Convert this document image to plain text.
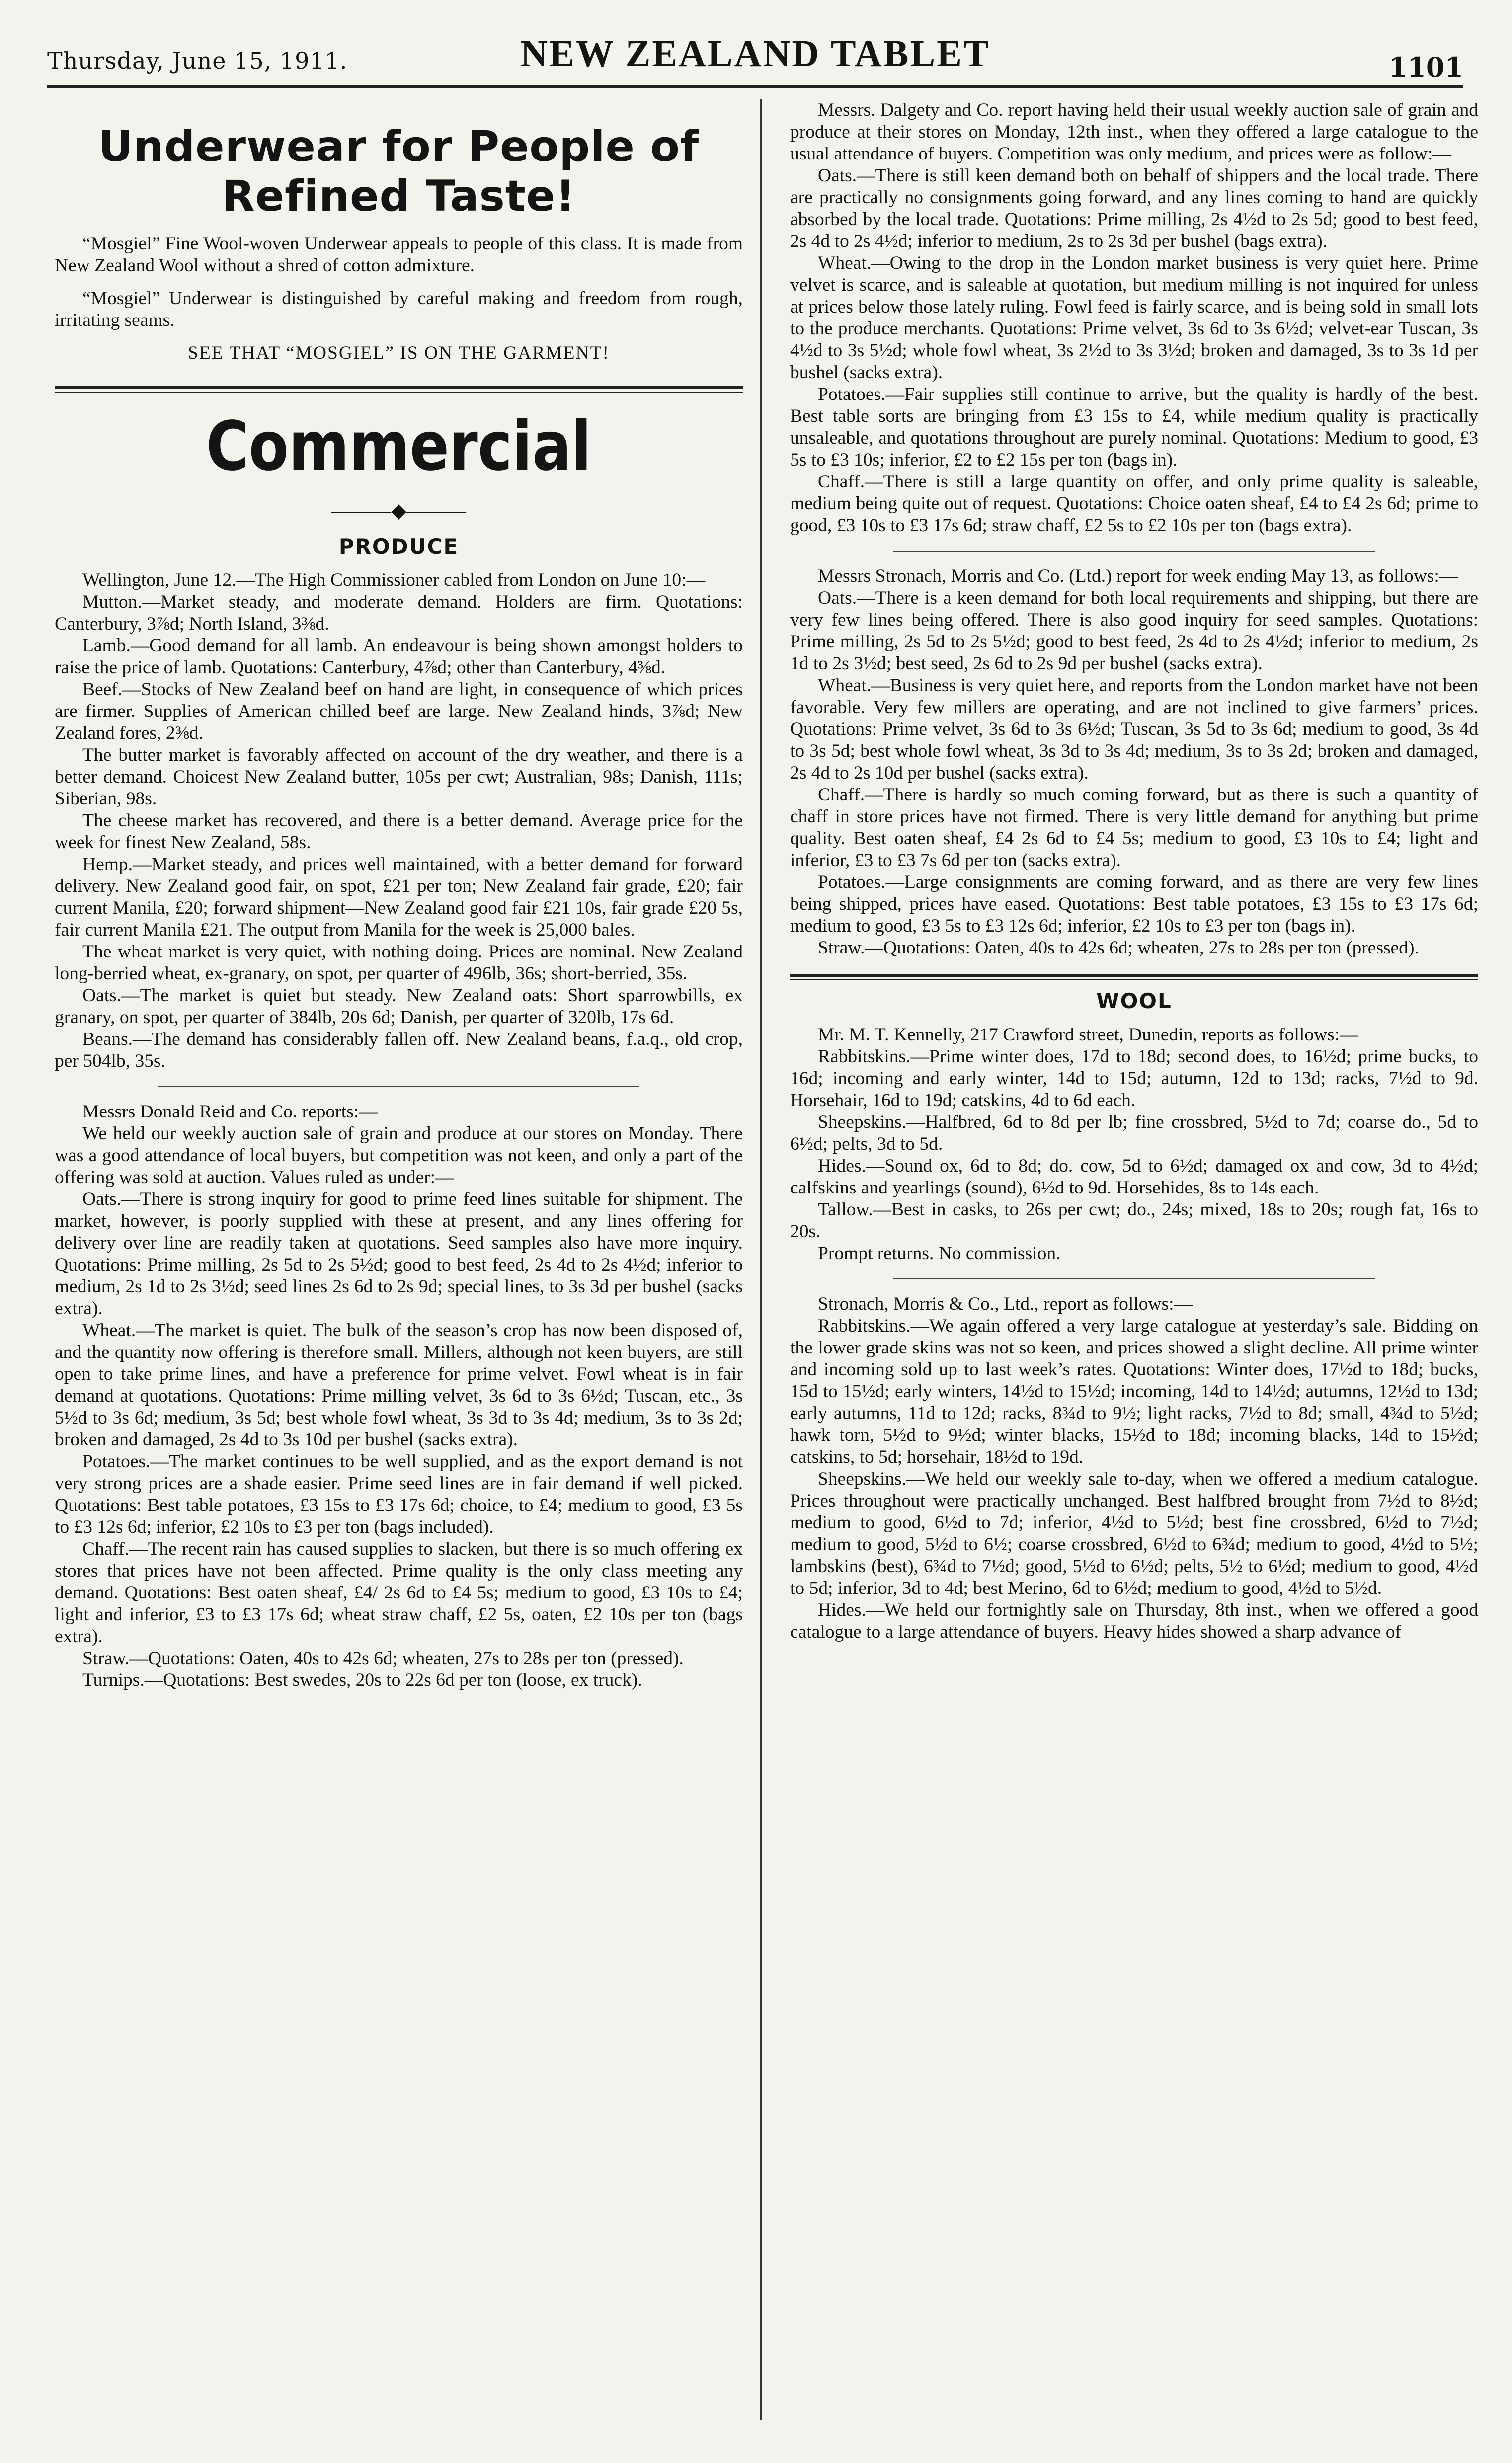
Thursday, June 15, 1911.	NEW ZEALAND TABLET	1101
Underwear for People of Refined Taste!

“Mosgiel” Fine Wool-woven Underwear appeals to people of this class. It is made from New Zealand Wool without a shred of cotton admixture.

“Mosgiel” Underwear is distinguished by careful making and freedom from rough, irritating seams.

SEE THAT “MOSGIEL” IS ON THE GARMENT!

Commercial
———◆———
PRODUCE

Wellington, June 12.—The High Commissioner cabled from London on June 10:—

Mutton.—Market steady, and moderate demand. Holders are firm. Quotations: Canterbury, 3⅞d; North Island, 3⅜d.

Lamb.—Good demand for all lamb. An endeavour is being shown amongst holders to raise the price of lamb. Quotations: Canterbury, 4⅞d; other than Canterbury, 4⅜d.

Beef.—Stocks of New Zealand beef on hand are light, in consequence of which prices are firmer. Supplies of American chilled beef are large. New Zealand hinds, 3⅞d; New Zealand fores, 2⅜d.

The butter market is favorably affected on account of the dry weather, and there is a better demand. Choicest New Zealand butter, 105s per cwt; Australian, 98s; Danish, 111s; Siberian, 98s.

The cheese market has recovered, and there is a better demand. Average price for the week for finest New Zealand, 58s.

Hemp.—Market steady, and prices well maintained, with a better demand for forward delivery. New Zealand good fair, on spot, £21 per ton; New Zealand fair grade, £20; fair current Manila, £20; forward shipment—New Zealand good fair £21 10s, fair grade £20 5s, fair current Manila £21. The output from Manila for the week is 25,000 bales.

The wheat market is very quiet, with nothing doing. Prices are nominal. New Zealand long-berried wheat, ex-granary, on spot, per quarter of 496lb, 36s; short-berried, 35s.

Oats.—The market is quiet but steady. New Zealand oats: Short sparrowbills, ex granary, on spot, per quarter of 384lb, 20s 6d; Danish, per quarter of 320lb, 17s 6d.

Beans.—The demand has considerably fallen off. New Zealand beans, f.a.q., old crop, per 504lb, 35s.

Messrs Donald Reid and Co. reports:—

We held our weekly auction sale of grain and produce at our stores on Monday. There was a good attendance of local buyers, but competition was not keen, and only a part of the offering was sold at auction. Values ruled as under:—

Oats.—There is strong inquiry for good to prime feed lines suitable for shipment. The market, however, is poorly supplied with these at present, and any lines offering for delivery over line are readily taken at quotations. Seed samples also have more inquiry. Quotations: Prime milling, 2s 5d to 2s 5½d; good to best feed, 2s 4d to 2s 4½d; inferior to medium, 2s 1d to 2s 3½d; seed lines 2s 6d to 2s 9d; special lines, to 3s 3d per bushel (sacks extra).

Wheat.—The market is quiet. The bulk of the season’s crop has now been disposed of, and the quantity now offering is therefore small. Millers, although not keen buyers, are still open to take prime lines, and have a preference for prime velvet. Fowl wheat is in fair demand at quotations. Quotations: Prime milling velvet, 3s 6d to 3s 6½d; Tuscan, etc., 3s 5½d to 3s 6d; medium, 3s 5d; best whole fowl wheat, 3s 3d to 3s 4d; medium, 3s to 3s 2d; broken and damaged, 2s 4d to 3s 10d per bushel (sacks extra).

Potatoes.—The market continues to be well supplied, and as the export demand is not very strong prices are a shade easier. Prime seed lines are in fair demand if well picked. Quotations: Best table potatoes, £3 15s to £3 17s 6d; choice, to £4; medium to good, £3 5s to £3 12s 6d; inferior, £2 10s to £3 per ton (bags included).

Chaff.—The recent rain has caused supplies to slacken, but there is so much offering ex stores that prices have not been affected. Prime quality is the only class meeting any demand. Quotations: Best oaten sheaf, £4/ 2s 6d to £4 5s; medium to good, £3 10s to £4; light and inferior, £3 to £3 17s 6d; wheat straw chaff, £2 5s, oaten, £2 10s per ton (bags extra).

Straw.—Quotations: Oaten, 40s to 42s 6d; wheaten, 27s to 28s per ton (pressed).

Turnips.—Quotations: Best swedes, 20s to 22s 6d per ton (loose, ex truck).

Messrs. Dalgety and Co. report having held their usual weekly auction sale of grain and produce at their stores on Monday, 12th inst., when they offered a large catalogue to the usual attendance of buyers. Competition was only medium, and prices were as follow:—

Oats.—There is still keen demand both on behalf of shippers and the local trade. There are practically no consignments going forward, and any lines coming to hand are quickly absorbed by the local trade. Quotations: Prime milling, 2s 4½d to 2s 5d; good to best feed, 2s 4d to 2s 4½d; inferior to medium, 2s to 2s 3d per bushel (bags extra).

Wheat.—Owing to the drop in the London market business is very quiet here. Prime velvet is scarce, and is saleable at quotation, but medium milling is not inquired for unless at prices below those lately ruling. Fowl feed is fairly scarce, and is being sold in small lots to the produce merchants. Quotations: Prime velvet, 3s 6d to 3s 6½d; velvet-ear Tuscan, 3s 4½d to 3s 5½d; whole fowl wheat, 3s 2½d to 3s 3½d; broken and damaged, 3s to 3s 1d per bushel (sacks extra).

Potatoes.—Fair supplies still continue to arrive, but the quality is hardly of the best. Best table sorts are bringing from £3 15s to £4, while medium quality is practically unsaleable, and quotations throughout are purely nominal. Quotations: Medium to good, £3 5s to £3 10s; inferior, £2 to £2 15s per ton (bags in).

Chaff.—There is still a large quantity on offer, and only prime quality is saleable, medium being quite out of request. Quotations: Choice oaten sheaf, £4 to £4 2s 6d; prime to good, £3 10s to £3 17s 6d; straw chaff, £2 5s to £2 10s per ton (bags extra).

Messrs Stronach, Morris and Co. (Ltd.) report for week ending May 13, as follows:—

Oats.—There is a keen demand for both local requirements and shipping, but there are very few lines being offered. There is also good inquiry for seed samples. Quotations: Prime milling, 2s 5d to 2s 5½d; good to best feed, 2s 4d to 2s 4½d; inferior to medium, 2s 1d to 2s 3½d; best seed, 2s 6d to 2s 9d per bushel (sacks extra).

Wheat.—Business is very quiet here, and reports from the London market have not been favorable. Very few millers are operating, and are not inclined to give farmers’ prices. Quotations: Prime velvet, 3s 6d to 3s 6½d; Tuscan, 3s 5d to 3s 6d; medium to good, 3s 4d to 3s 5d; best whole fowl wheat, 3s 3d to 3s 4d; medium, 3s to 3s 2d; broken and damaged, 2s 4d to 2s 10d per bushel (sacks extra).

Chaff.—There is hardly so much coming forward, but as there is such a quantity of chaff in store prices have not firmed. There is very little demand for anything but prime quality. Best oaten sheaf, £4 2s 6d to £4 5s; medium to good, £3 10s to £4; light and inferior, £3 to £3 7s 6d per ton (sacks extra).

Potatoes.—Large consignments are coming forward, and as there are very few lines being shipped, prices have eased. Quotations: Best table potatoes, £3 15s to £3 17s 6d; medium to good, £3 5s to £3 12s 6d; inferior, £2 10s to £3 per ton (bags in).

Straw.—Quotations: Oaten, 40s to 42s 6d; wheaten, 27s to 28s per ton (pressed).

WOOL

Mr. M. T. Kennelly, 217 Crawford street, Dunedin, reports as follows:—

Rabbitskins.—Prime winter does, 17d to 18d; second does, to 16½d; prime bucks, to 16d; incoming and early winter, 14d to 15d; autumn, 12d to 13d; racks, 7½d to 9d. Horsehair, 16d to 19d; catskins, 4d to 6d each.

Sheepskins.—Halfbred, 6d to 8d per lb; fine crossbred, 5½d to 7d; coarse do., 5d to 6½d; pelts, 3d to 5d.

Hides.—Sound ox, 6d to 8d; do. cow, 5d to 6½d; damaged ox and cow, 3d to 4½d; calfskins and yearlings (sound), 6½d to 9d. Horsehides, 8s to 14s each.

Tallow.—Best in casks, to 26s per cwt; do., 24s; mixed, 18s to 20s; rough fat, 16s to 20s.

Prompt returns. No commission.

Stronach, Morris & Co., Ltd., report as follows:—

Rabbitskins.—We again offered a very large catalogue at yesterday’s sale. Bidding on the lower grade skins was not so keen, and prices showed a slight decline. All prime winter and incoming sold up to last week’s rates. Quotations: Winter does, 17½d to 18d; bucks, 15d to 15½d; early winters, 14½d to 15½d; incoming, 14d to 14½d; autumns, 12½d to 13d; early autumns, 11d to 12d; racks, 8¾d to 9½; light racks, 7½d to 8d; small, 4¾d to 5½d; hawk torn, 5½d to 9½d; winter blacks, 15½d to 18d; incoming blacks, 14d to 15½d; catskins, to 5d; horsehair, 18½d to 19d.

Sheepskins.—We held our weekly sale to-day, when we offered a medium catalogue. Prices throughout were practically unchanged. Best halfbred brought from 7½d to 8½d; medium to good, 6½d to 7d; inferior, 4½d to 5½d; best fine crossbred, 6½d to 7½d; medium to good, 5½d to 6½; coarse crossbred, 6½d to 6¾d; medium to good, 4½d to 5½; lambskins (best), 6¾d to 7½d; good, 5½d to 6½d; pelts, 5½ to 6½d; medium to good, 4½d to 5d; inferior, 3d to 4d; best Merino, 6d to 6½d; medium to good, 4½d to 5½d.

Hides.—We held our fortnightly sale on Thursday, 8th inst., when we offered a good catalogue to a large attendance of buyers. Heavy hides showed a sharp advance of
